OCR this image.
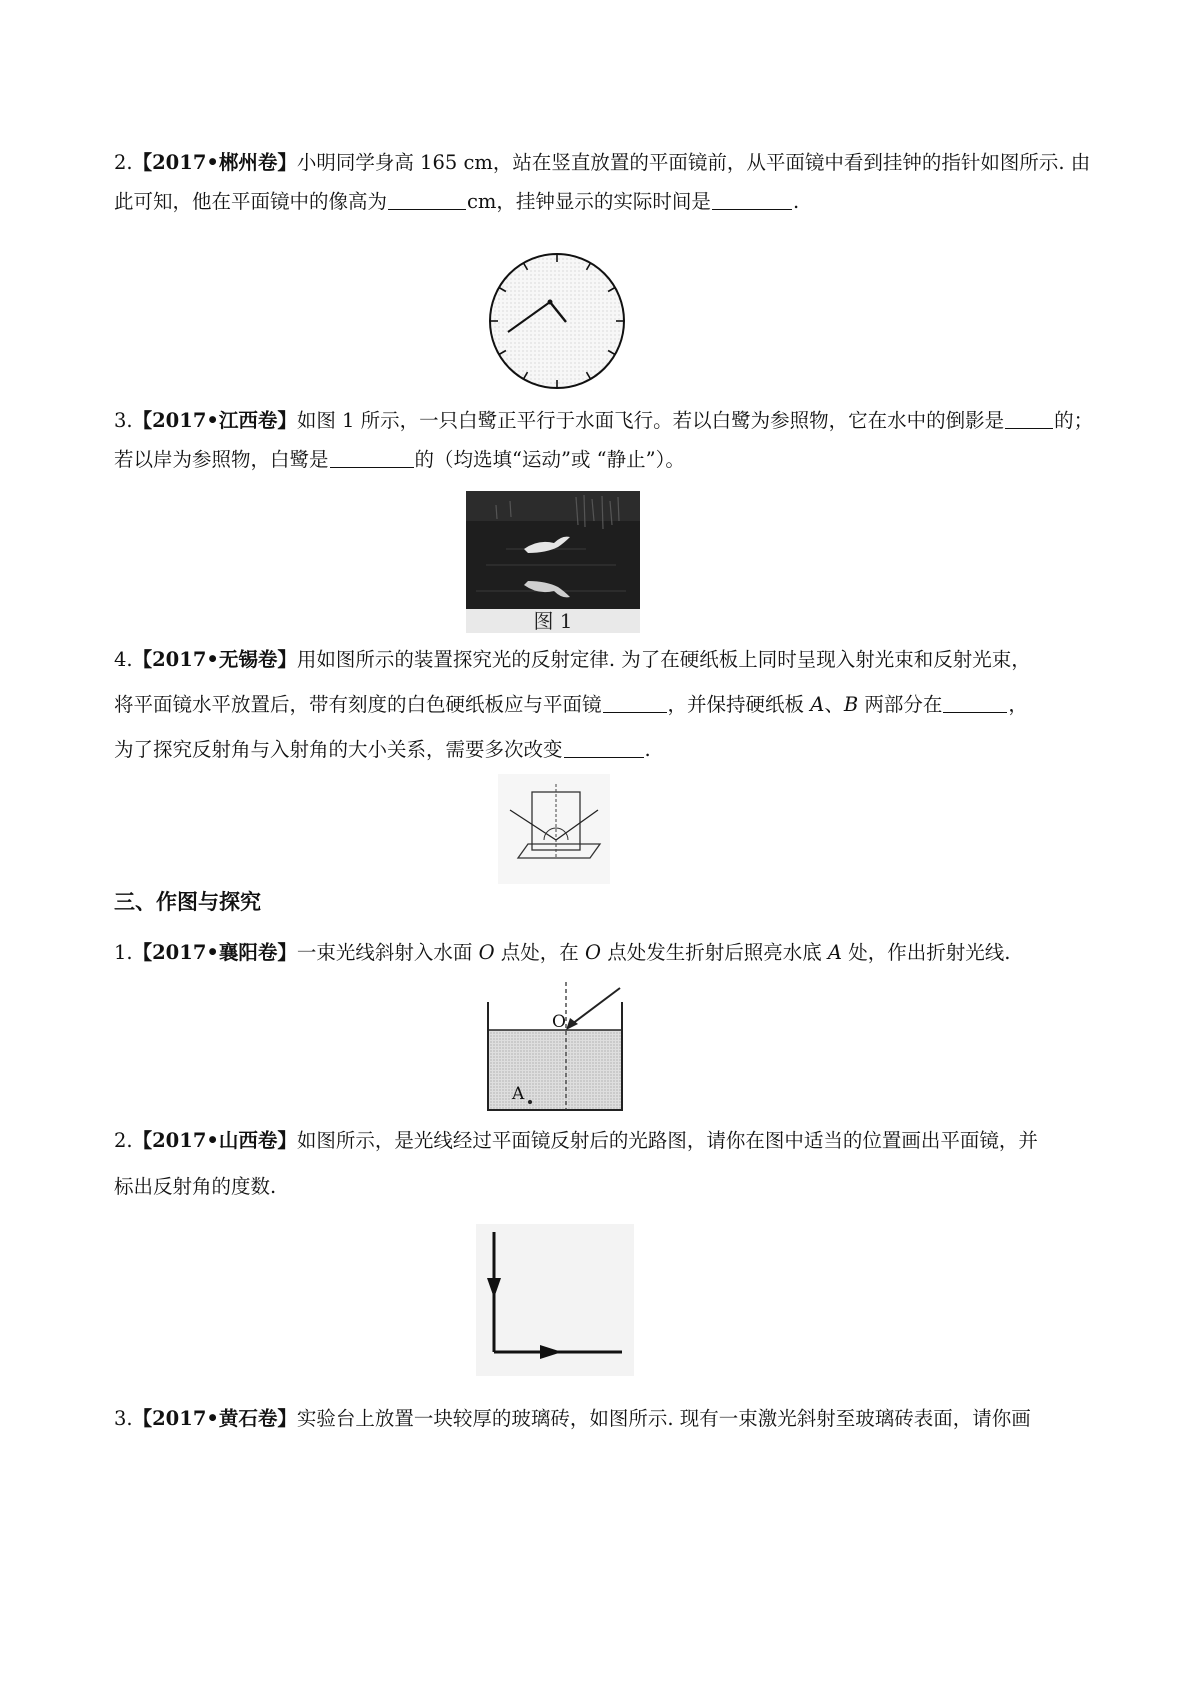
2.【2017•郴州卷】小明同学身高 165 cm，站在竖直放置的平面镜前，从平面镜中看到挂钟的指针如图所示. 由
此可知，他在平面镜中的像高为	cm，挂钟显示的实际时间是	.
3.【2017•江西卷】如图 1 所示，一只白鹭正平行于水面飞行。若以白鹭为参照物，它在水中的倒影是	的；
若以岸为参照物，白鹭是	的（均选填“运动”或 “静止”）。
图 1
4.【2017•无锡卷】用如图所示的装置探究光的反射定律. 为了在硬纸板上同时呈现入射光束和反射光束，
将平面镜水平放置后，带有刻度的白色硬纸板应与平面镜	，并保持硬纸板 A、B 两部分在	，
为了探究反射角与入射角的大小关系，需要多次改变	.
三、作图与探究
1.【2017•襄阳卷】一束光线斜射入水面 O 点处，在 O 点处发生折射后照亮水底 A 处，作出折射光线.
O
A
2.【2017•山西卷】如图所示，是光线经过平面镜反射后的光路图，请你在图中适当的位置画出平面镜，并
标出反射角的度数.
3.【2017•黄石卷】实验台上放置一块较厚的玻璃砖，如图所示. 现有一束激光斜射至玻璃砖表面，请你画
